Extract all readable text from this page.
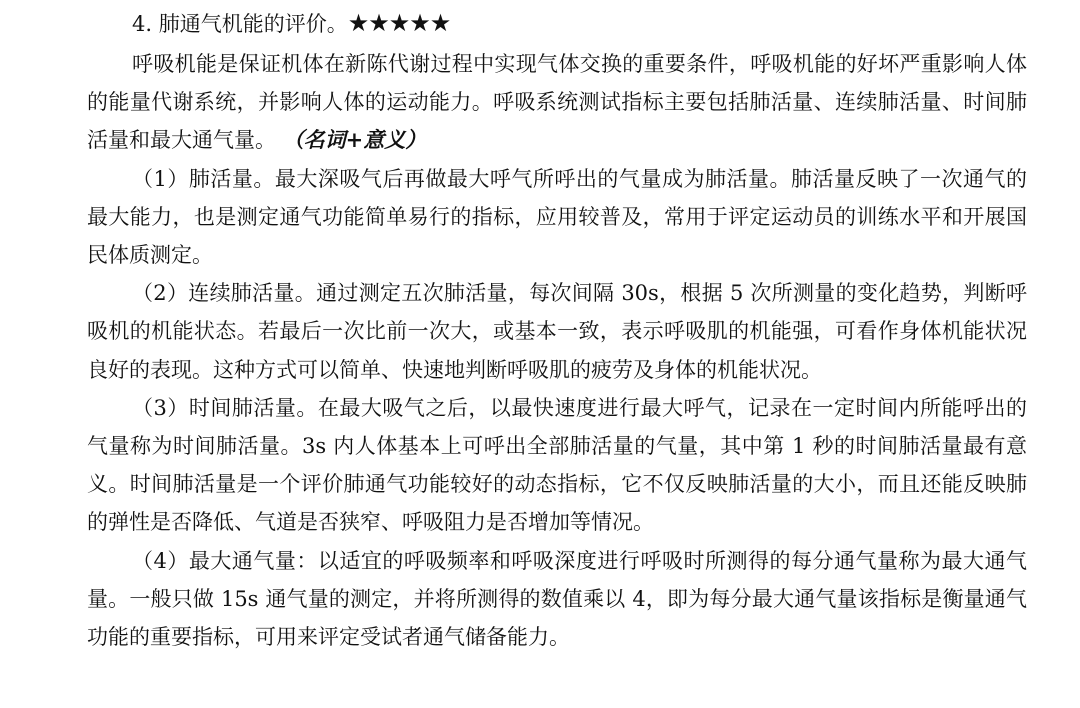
4. 肺通气机能的评价。★★★★★

呼吸机能是保证机体在新陈代谢过程中实现气体交换的重要条件，呼吸机能的好坏严重影响人体的能量代谢系统，并影响人体的运动能力。呼吸系统测试指标主要包括肺活量、连续肺活量、时间肺活量和最大通气量。 （名词+意义）

（1）肺活量。最大深吸气后再做最大呼气所呼出的气量成为肺活量。肺活量反映了一次通气的最大能力，也是测定通气功能简单易行的指标，应用较普及，常用于评定运动员的训练水平和开展国民体质测定。

（2）连续肺活量。通过测定五次肺活量，每次间隔 30s，根据 5 次所测量的变化趋势，判断呼吸机的机能状态。若最后一次比前一次大，或基本一致，表示呼吸肌的机能强，可看作身体机能状况良好的表现。这种方式可以简单、快速地判断呼吸肌的疲劳及身体的机能状况。

（3）时间肺活量。在最大吸气之后，以最快速度进行最大呼气，记录在一定时间内所能呼出的气量称为时间肺活量。3s 内人体基本上可呼出全部肺活量的气量，其中第 1 秒的时间肺活量最有意义。时间肺活量是一个评价肺通气功能较好的动态指标，它不仅反映肺活量的大小，而且还能反映肺的弹性是否降低、气道是否狭窄、呼吸阻力是否增加等情况。

（4）最大通气量：以适宜的呼吸频率和呼吸深度进行呼吸时所测得的每分通气量称为最大通气量。一般只做 15s 通气量的测定，并将所测得的数值乘以 4，即为每分最大通气量该指标是衡量通气功能的重要指标，可用来评定受试者通气储备能力。
